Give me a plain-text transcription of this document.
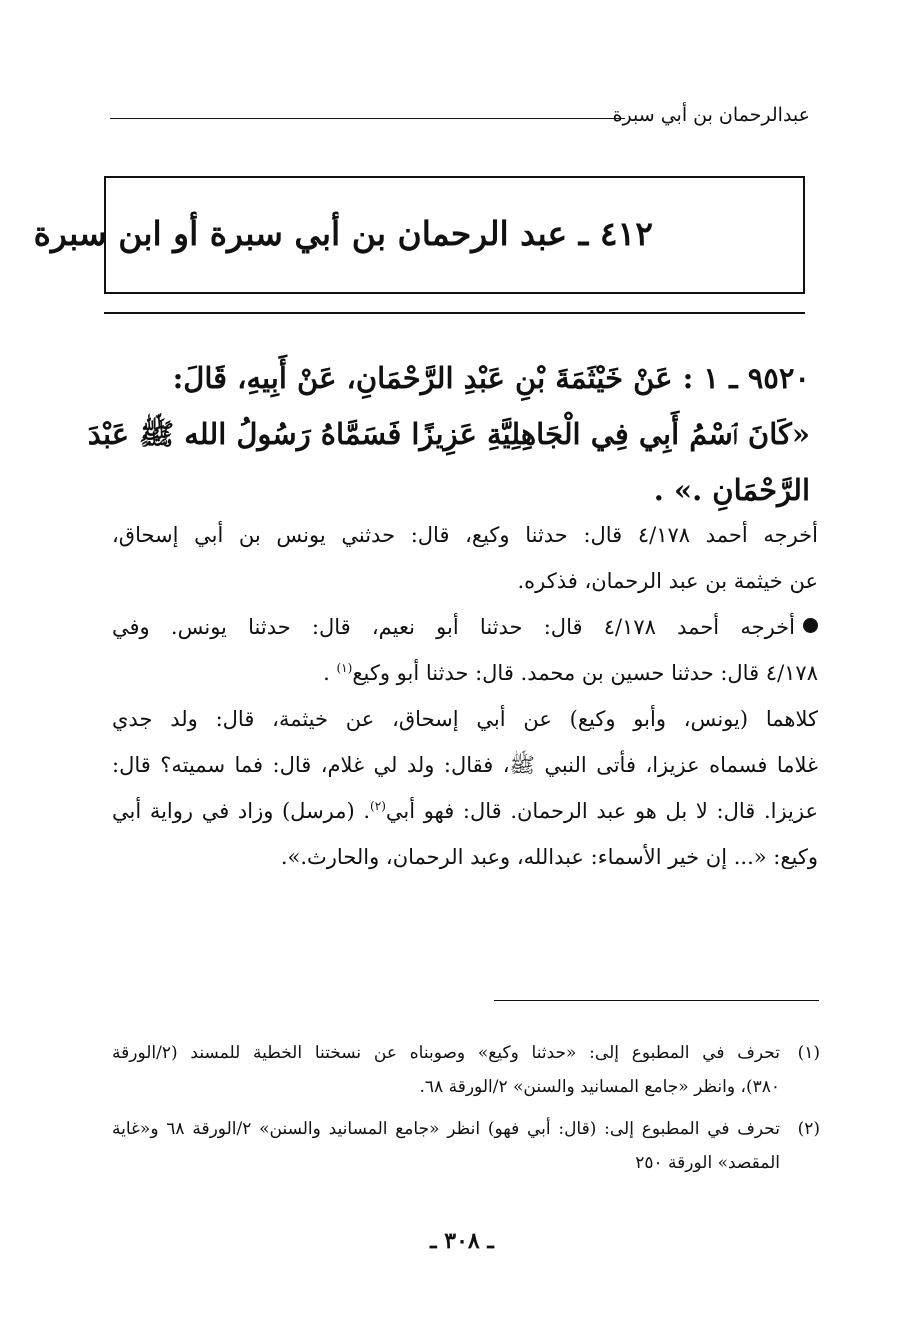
عبدالرحمان بن أبي سبرة
٤١٢ ـ عبد الرحمان بن أبي سبرة أو ابن سبرة
٩٥٢٠ ـ ١ : عَنْ خَيْثَمَةَ بْنِ عَبْدِ الرَّحْمَانِ، عَنْ أَبِيهِ، قَالَ:
«كَانَ ٱسْمُ أَبِي فِي الْجَاهِلِيَّةِ عَزِيزًا فَسَمَّاهُ رَسُولُ الله ﷺ عَبْدَ
الرَّحْمَانِ .» .
أخرجه أحمد ٤/١٧٨ قال: حدثنا وكيع، قال: حدثني يونس بن أبي إسحاق،
عن خيثمة بن عبد الرحمان، فذكره.
أخرجه أحمد ٤/١٧٨ قال: حدثنا أبو نعيم، قال: حدثنا يونس. وفي
٤/١٧٨ قال: حدثنا حسين بن محمد. قال: حدثنا أبو وكيع$^{(١)}$ .
كلاهما (يونس، وأبو وكيع) عن أبي إسحاق، عن خيثمة، قال: ولد جدي
غلاما فسماه عزيزا، فأتى النبي ﷺ، فقال: ولد لي غلام، قال: فما سميته؟ قال:
عزيزا. قال: لا بل هو عبد الرحمان. قال: فهو أبي$^{(٢)}$. (مرسل) وزاد في رواية أبي
وكيع: «... إن خير الأسماء: عبدالله، وعبد الرحمان، والحارث.».
(١)تحرف في المطبوع إلى: «حدثنا وكيع» وصوبناه عن نسختنا الخطية للمسند (٢/الورقة
٣٨٠)، وانظر «جامع المسانيد والسنن» ٢/الورقة ٦٨.
(٢)تحرف في المطبوع إلى: (قال: أبي فهو) انظر «جامع المسانيد والسنن» ٢/الورقة ٦٨ و«غاية
المقصد» الورقة ٢٥٠
ـ ٣٠٨ ـ
